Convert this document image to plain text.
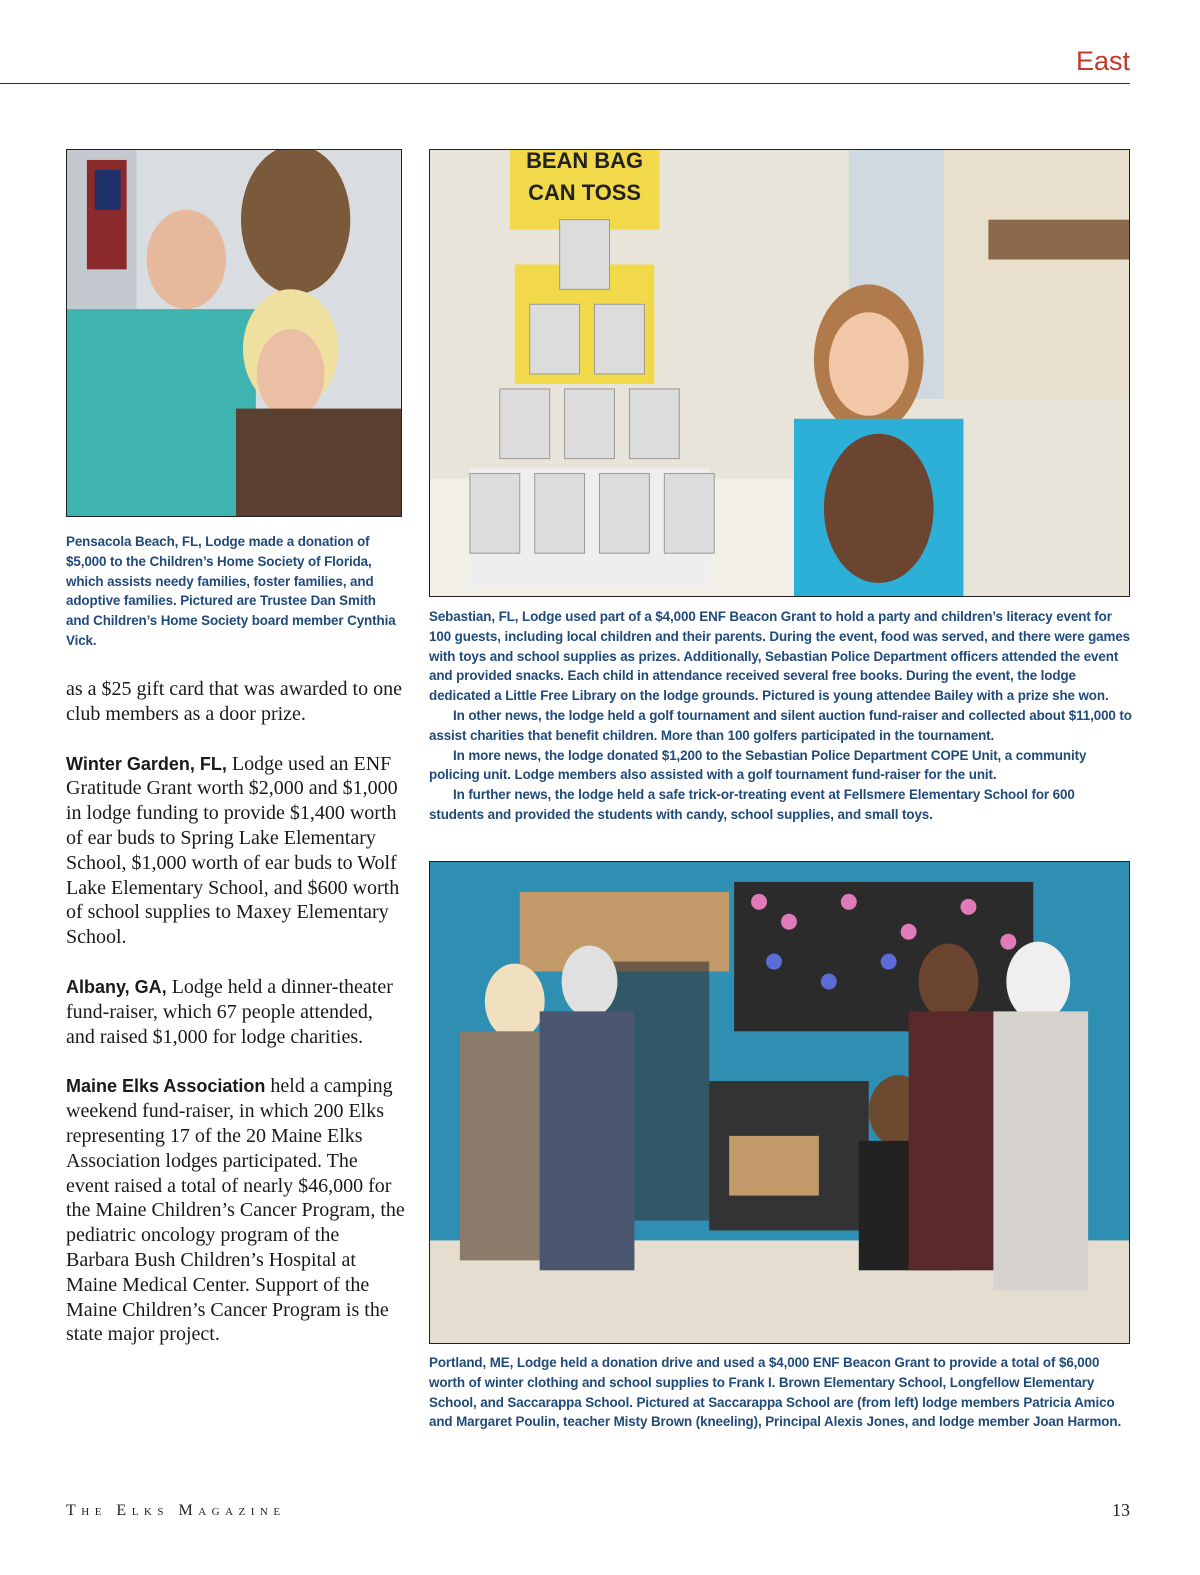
East
BEAN BAG
CAN TOSS
Pensacola Beach, FL, Lodge made a donation of $5,000 to the Children’s Home Society of Florida, which assists needy families, foster families, and adoptive families. Pictured are Trustee Dan Smith and Children’s Home Society board member Cynthia Vick.

Sebastian, FL, Lodge used part of a $4,000 ENF Beacon Grant to hold a party and children’s literacy event for 100 guests, including local children and their parents. During the event, food was served, and there were games with toys and school supplies as prizes. Additionally, Sebastian Police Department officers attended the event and provided snacks. Each child in attendance received several free books. During the event, the lodge dedicated a Little Free Library on the lodge grounds. Pictured is young attendee Bailey with a prize she won.

In other news, the lodge held a golf tournament and silent auction fund-raiser and collected about $11,000 to assist charities that benefit children. More than 100 golfers participated in the tournament.

In more news, the lodge donated $1,200 to the Sebastian Police Department COPE Unit, a community policing unit. Lodge members also assisted with a golf tournament fund-raiser for the unit.

In further news, the lodge held a safe trick-or-treating event at Fellsmere Elementary School for 600 students and provided the students with candy, school supplies, and small toys.

Portland, ME, Lodge held a donation drive and used a $4,000 ENF Beacon Grant to provide a total of $6,000 worth of winter clothing and school supplies to Frank I. Brown Elementary School, Longfellow Elementary School, and Saccarappa School. Pictured at Saccarappa School are (from left) lodge members Patricia Amico and Margaret Poulin, teacher Misty Brown (kneeling), Principal Alexis Jones, and lodge member Joan Harmon.

as a $25 gift card that was awarded to one club members as a door prize.

Winter Garden, FL, Lodge used an ENF Gratitude Grant worth $2,000 and $1,000 in lodge funding to provide $1,400 worth of ear buds to Spring Lake Elementary School, $1,000 worth of ear buds to Wolf Lake Elementary School, and $600 worth of school supplies to Maxey Elementary School.

Albany, GA, Lodge held a dinner-theater fund-raiser, which 67 people attended, and raised $1,000 for lodge charities.

Maine Elks Association held a camping weekend fund-raiser, in which 200 Elks representing 17 of the 20 Maine Elks Association lodges participated. The event raised a total of nearly $46,000 for the Maine Children’s Cancer Program, the pediatric oncology program of the Barbara Bush Children’s Hospital at Maine Medical Center. Support of the Maine Children’s Cancer Program is the state major project.

The Elks Magazine	13
